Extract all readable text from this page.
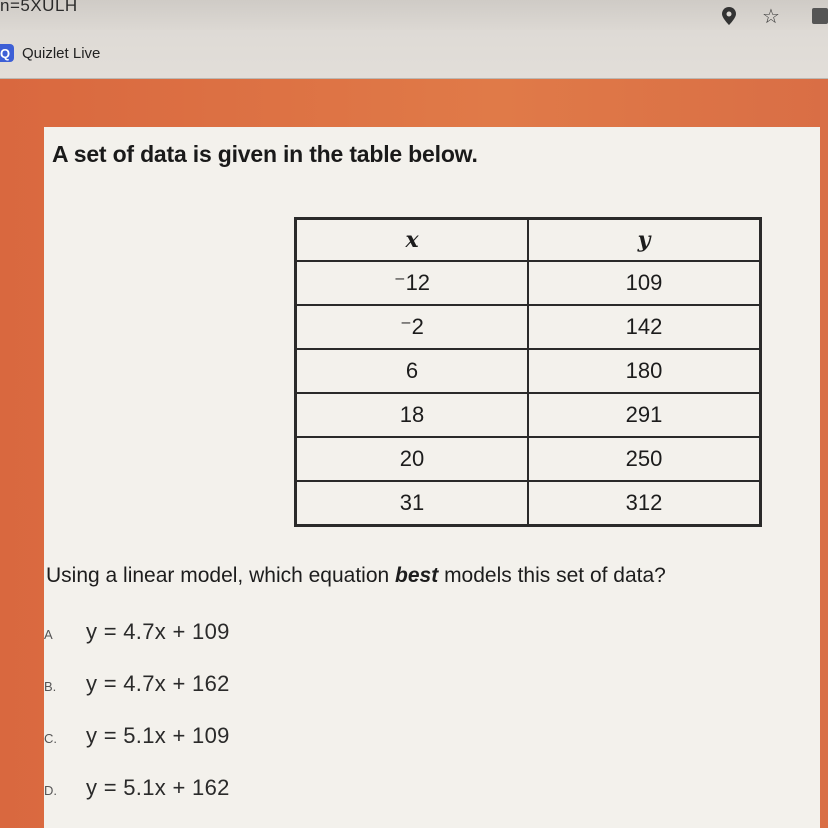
n=5XULH
☆
Q Quizlet Live
A set of data is given in the table below.
x	y
⁻12	109
⁻2	142
6	180
18	291
20	250
31	312
Using a linear model, which equation best models this set of data?
A	y = 4.7x + 109
B.	y = 4.7x + 162
C.	y = 5.1x + 109
D.	y = 5.1x + 162
